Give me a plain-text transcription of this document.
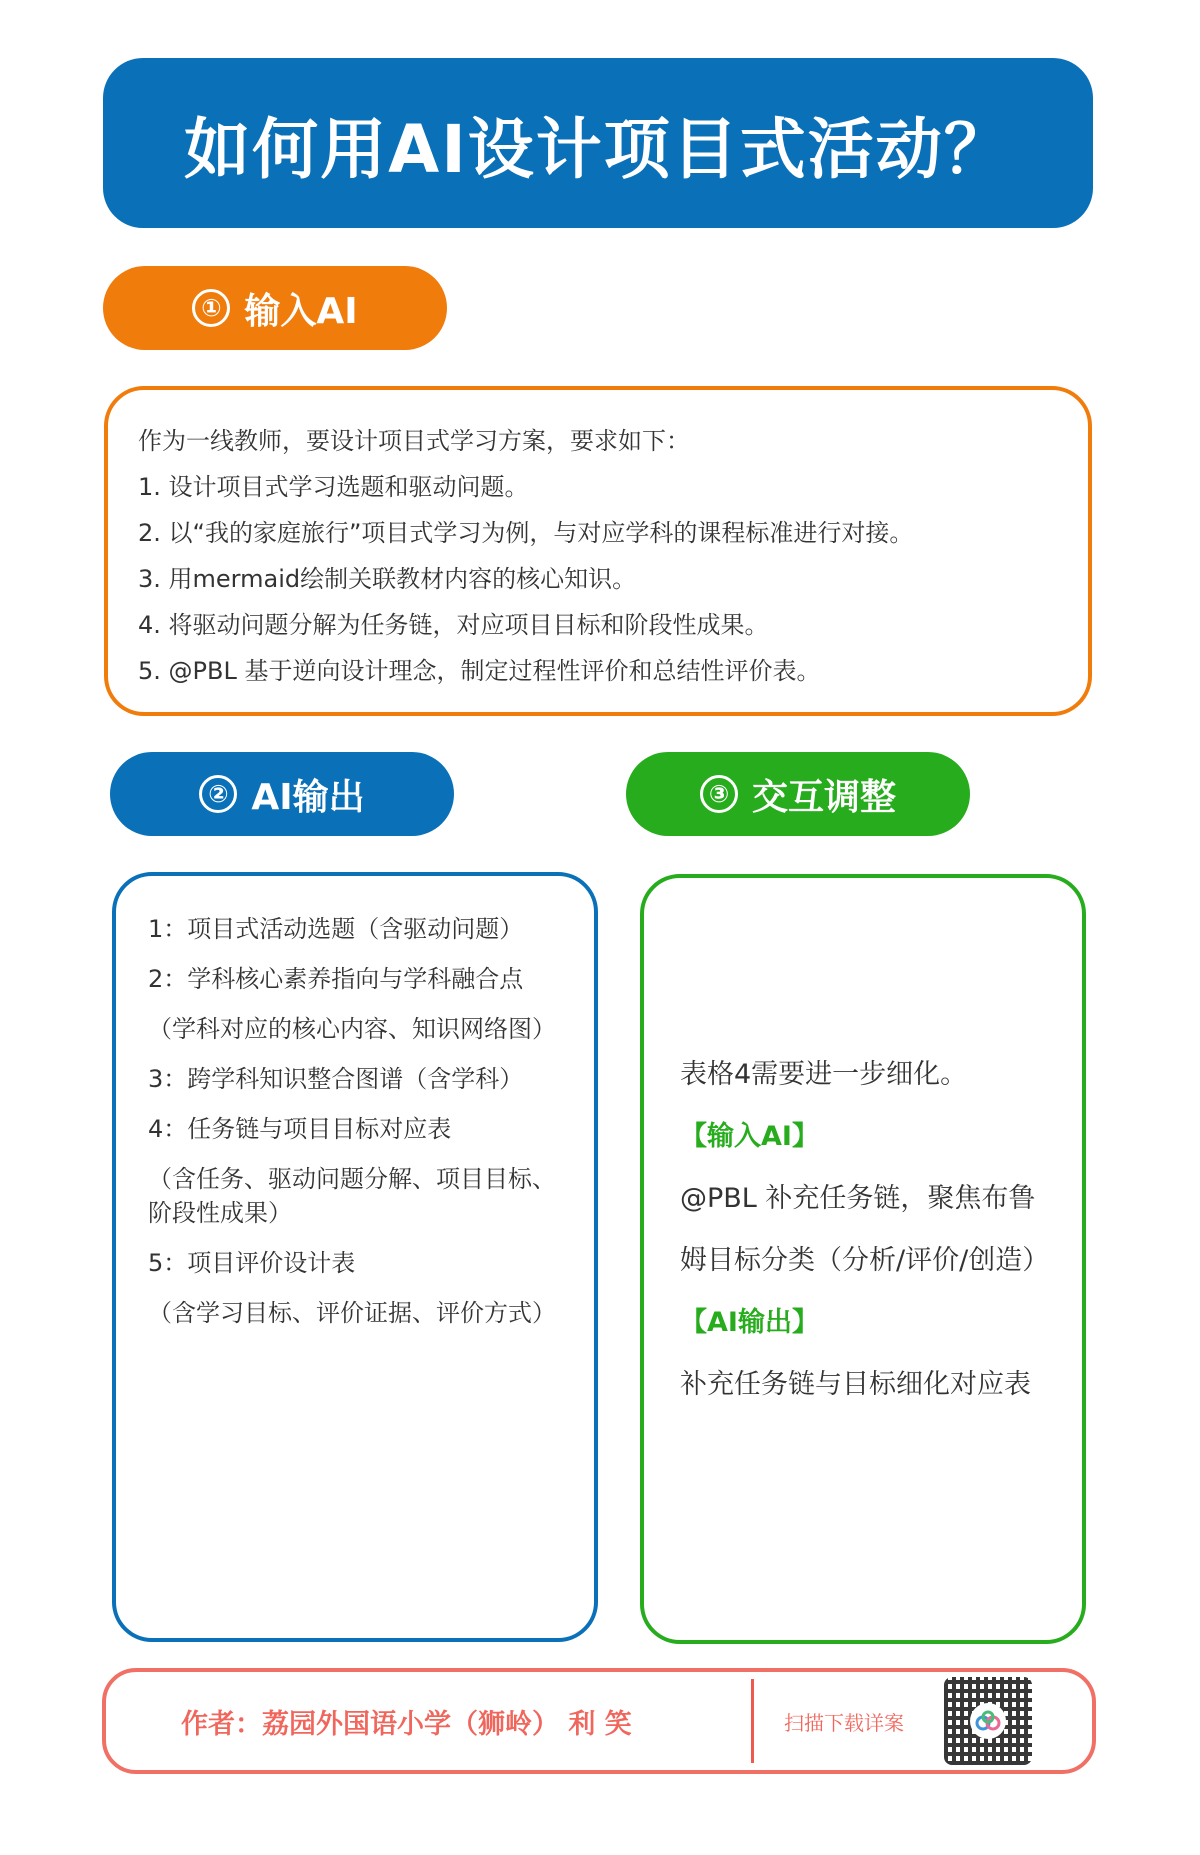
如何用AI设计项目式活动？
① 输入AI

作为一线教师，要设计项目式学习方案，要求如下：

1. 设计项目式学习选题和驱动问题。

2. 以“我的家庭旅行”项目式学习为例，与对应学科的课程标准进行对接。

3. 用mermaid绘制关联教材内容的核心知识。

4. 将驱动问题分解为任务链，对应项目目标和阶段性成果。

5. @PBL 基于逆向设计理念，制定过程性评价和总结性评价表。

② AI输出	③ 交互调整

1：项目式活动选题（含驱动问题）

2：学科核心素养指向与学科融合点

（学科对应的核心内容、知识网络图）

3：跨学科知识整合图谱（含学科）

4：任务链与项目目标对应表

（含任务、驱动问题分解、项目目标、阶段性成果）

5：项目评价设计表

（含学习目标、评价证据、评价方式）

表格4需要进一步细化。

【输入AI】

@PBL 补充任务链，聚焦布鲁姆目标分类（分析/评价/创造）

【AI输出】

补充任务链与目标细化对应表

作者：荔园外国语小学（狮岭） 利 笑	扫描下载详案
